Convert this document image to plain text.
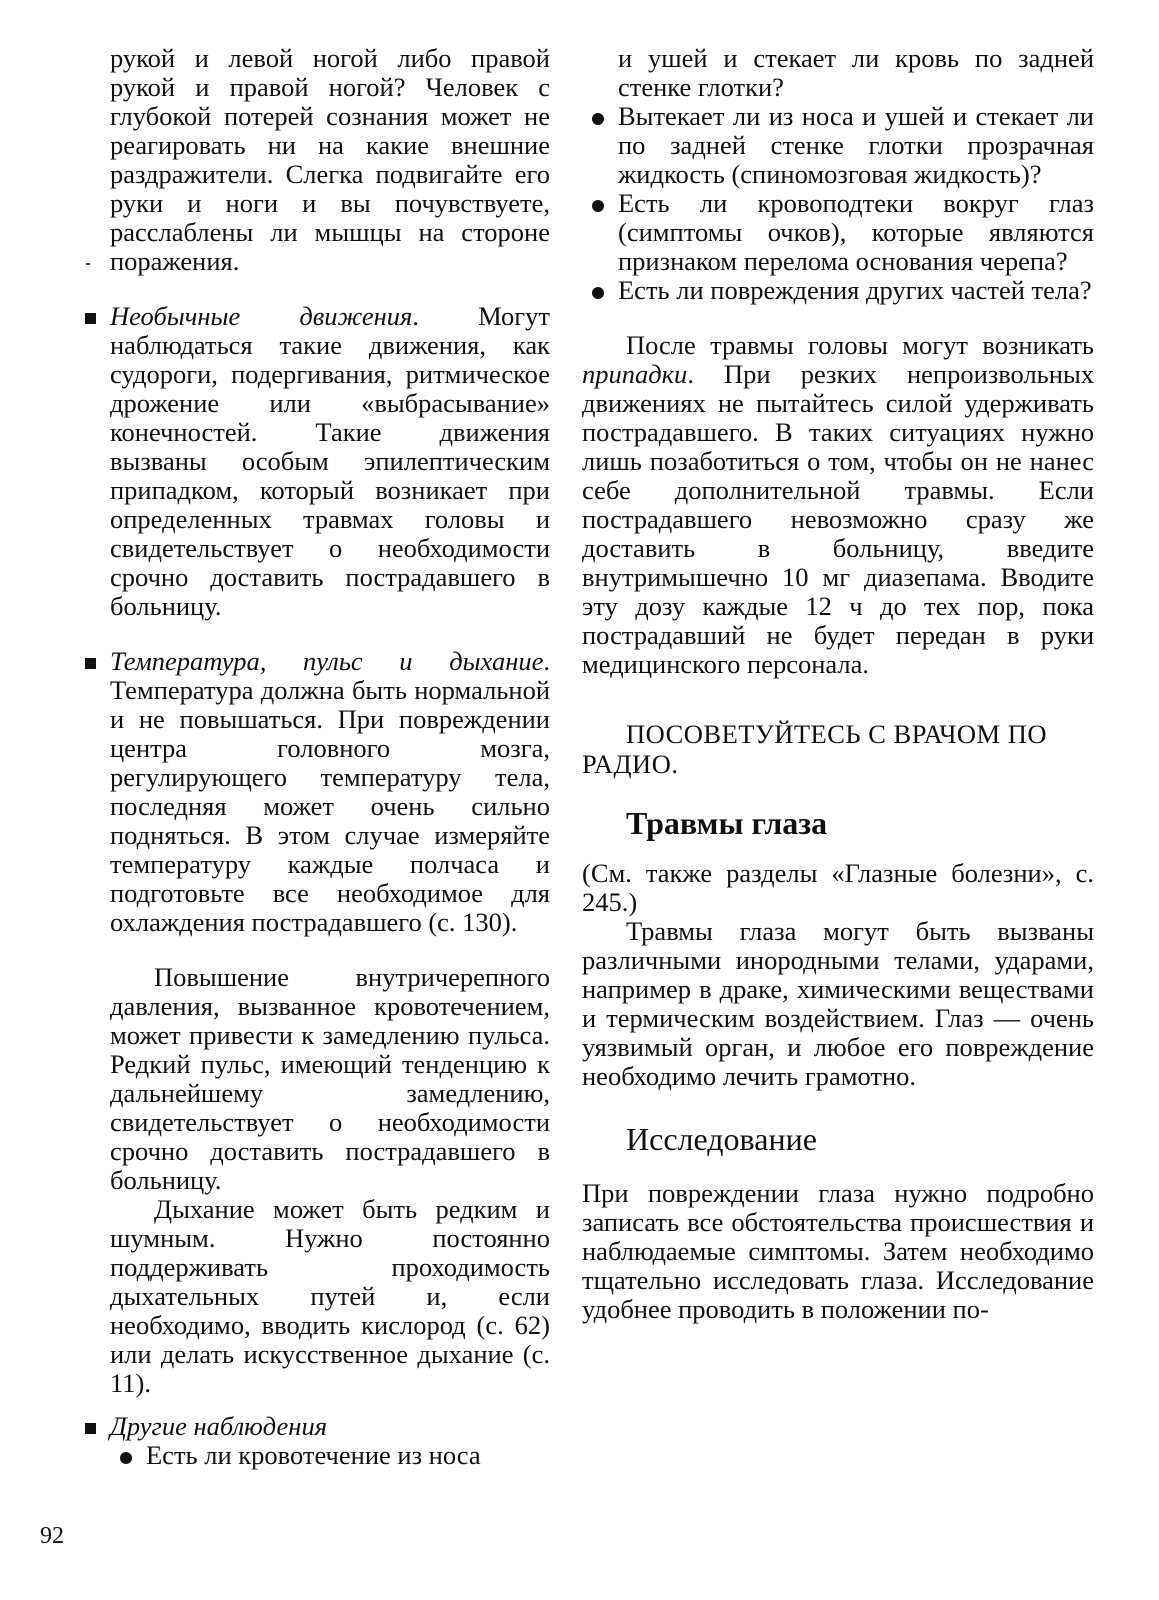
рукой и левой ногой либо правой рукой и правой ногой? Человек с глубокой потерей сознания может не реагировать ни на какие внешние раздражители. Слегка подвигайте его руки и ноги и вы почувствуете, расслаблены ли мышцы на стороне поражения.

Необычные движения. Могут наблюдаться такие движения, как судороги, подергивания, ритмическое дрожение или «выбрасывание» конечностей. Такие движения вызваны особым эпилептическим припадком, который возникает при определенных травмах головы и свидетельствует о необходимости срочно доставить пострадавшего в больницу.

Температура, пульс и дыхание. Температура должна быть нормальной и не повышаться. При повреждении центра головного мозга, регулирующего температуру тела, последняя может очень сильно подняться. В этом случае измеряйте температуру каждые полчаса и подготовьте все необходимое для охлаждения пострадавшего (с. 130).

Повышение внутричерепного давления, вызванное кровотечением, может привести к замедлению пульса. Редкий пульс, имеющий тенденцию к дальнейшему замедлению, свидетельствует о необходимости срочно доставить пострадавшего в больницу.

Дыхание может быть редким и шумным. Нужно постоянно поддерживать проходимость дыхательных путей и, если необходимо, вводить кислород (с. 62) или делать искусственное дыхание (с. 11).

Другие наблюдения

Есть ли кровотечение из носа

и ушей и стекает ли кровь по задней стенке глотки?

Вытекает ли из носа и ушей и стекает ли по задней стенке глотки прозрачная жидкость (спиномозговая жидкость)?

Есть ли кровоподтеки вокруг глаз (симптомы очков), которые являются признаком перелома основания черепа?

Есть ли повреждения других частей тела?

После травмы головы могут возникать припадки. При резких непроизвольных движениях не пытайтесь силой удерживать пострадавшего. В таких ситуациях нужно лишь позаботиться о том, чтобы он не нанес себе дополнительной травмы. Если пострадавшего невозможно сразу же доставить в больницу, введите внутримышечно 10 мг диазепама. Вводите эту дозу каждые 12 ч до тех пор, пока пострадавший не будет передан в руки медицинского персонала.

ПОСОВЕТУЙТЕСЬ С ВРАЧОМ ПО РАДИО.

Травмы глаза

(См. также разделы «Глазные болезни», с. 245.)

Травмы глаза могут быть вызваны различными инородными телами, ударами, например в драке, химическими веществами и термическим воздействием. Глаз — очень уязвимый орган, и любое его повреждение необходимо лечить грамотно.

Исследование

При повреждении глаза нужно подробно записать все обстоятельства происшествия и наблюдаемые симптомы. Затем необходимо тщательно исследовать глаза. Исследование удобнее проводить в положении по-

92
